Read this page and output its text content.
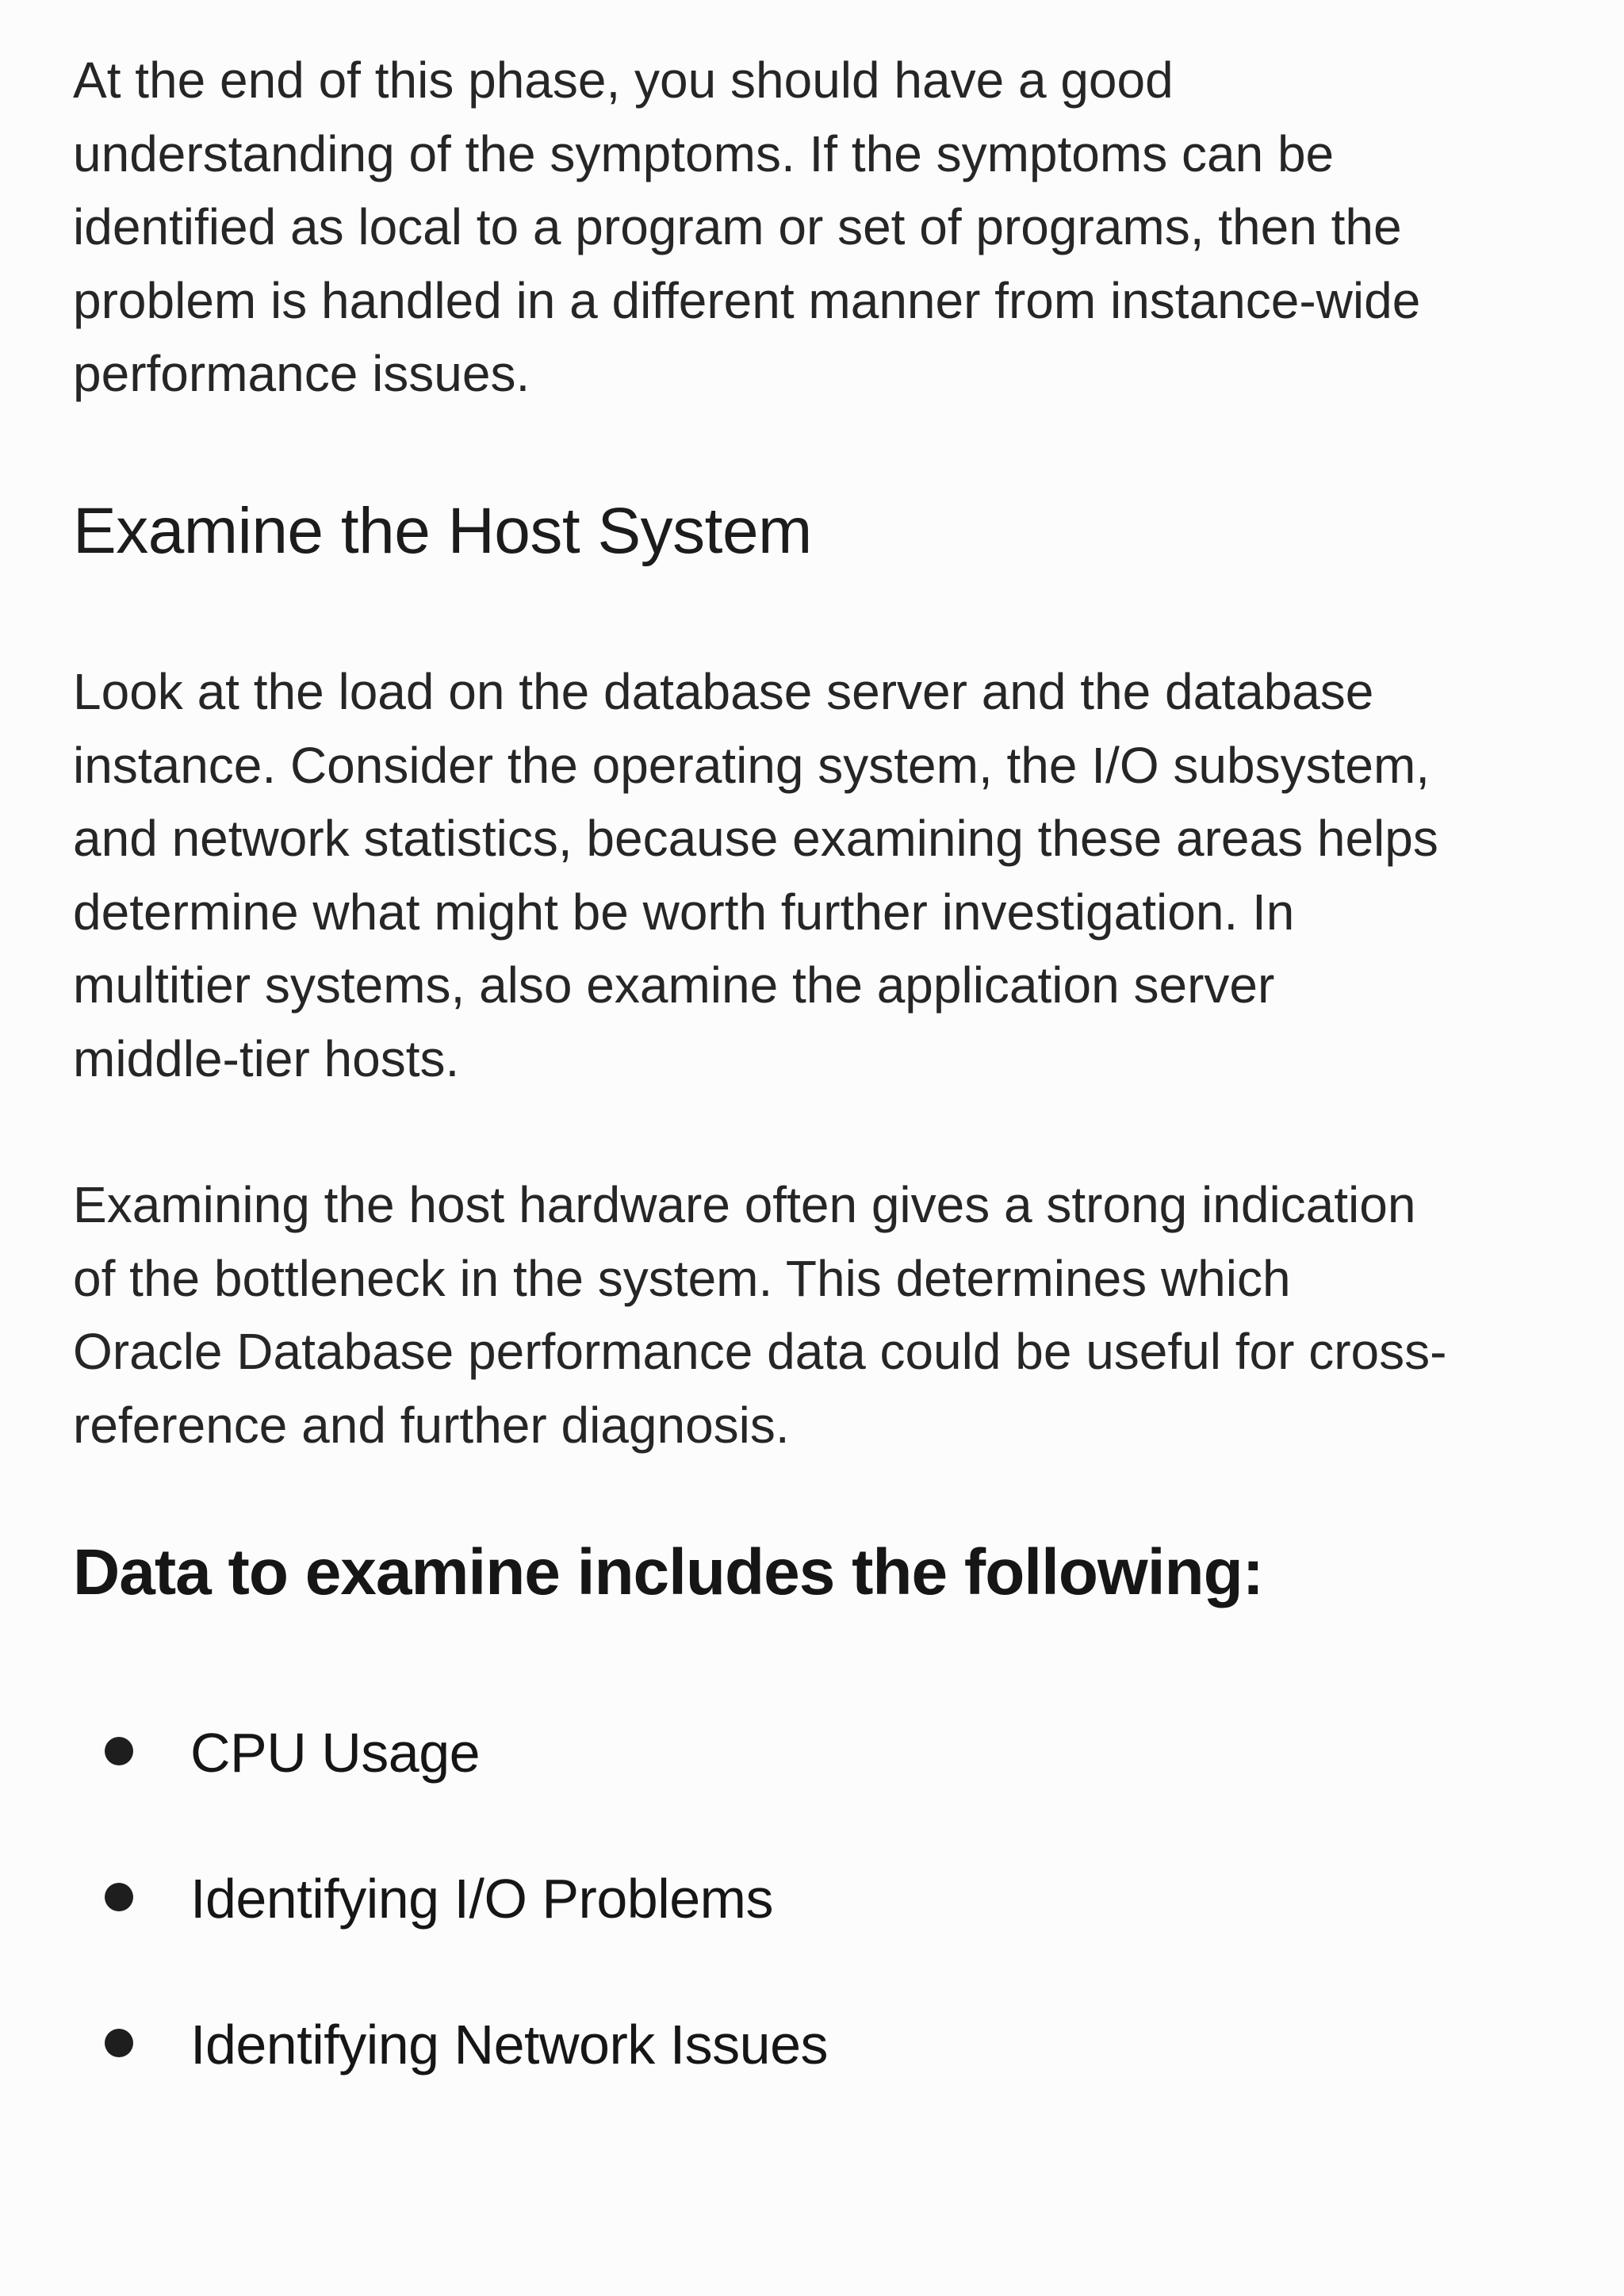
At the end of this phase, you should have a good
understanding of the symptoms. If the symptoms can be
identified as local to a program or set of programs, then the
problem is handled in a different manner from instance-wide
performance issues.

Examine the Host System

Look at the load on the database server and the database
instance. Consider the operating system, the I/O subsystem,
and network statistics, because examining these areas helps
determine what might be worth further investigation. In
multitier systems, also examine the application server
middle-tier hosts.

Examining the host hardware often gives a strong indication
of the bottleneck in the system. This determines which
Oracle Database performance data could be useful for cross-
reference and further diagnosis.

Data to examine includes the following:
CPU Usage
Identifying I/O Problems
Identifying Network Issues
